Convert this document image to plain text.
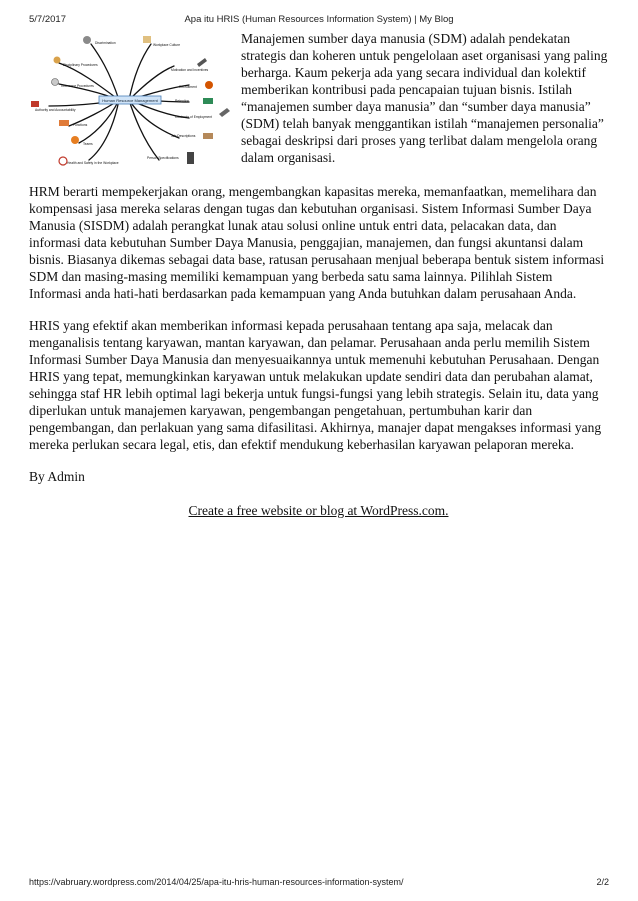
5/7/2017	Apa itu HRIS (Human Resources Information System) | My Blog
Human Resource Management
Discrimination
Disciplinary Procedures
Grievance Procedures
Authority and Accountability
Functions
Teams
Health and Safety in the Workplace
Workplace Culture
Motivation and Incentives
Recruitment
Retention
Contracts of Employment
Job Descriptions
Person Specifications

Manajemen sumber daya manusia (SDM) adalah pendekatan strategis dan koheren untuk pengelolaan aset organisasi yang paling berharga. Kaum pekerja ada yang secara individual dan kolektif memberikan kontribusi pada pencapaian tujuan bisnis. Istilah “manajemen sumber daya manusia” dan “sumber daya manusia” (SDM) telah banyak menggantikan istilah “manajemen personalia” sebagai deskripsi dari proses yang terlibat dalam mengelola orang dalam organisasi.

HRM berarti mempekerjakan orang, mengembangkan kapasitas mereka, memanfaatkan, memelihara dan kompensasi jasa mereka selaras dengan tugas dan kebutuhan organisasi. Sistem Informasi Sumber Daya Manusia (SISDM) adalah perangkat lunak atau solusi online untuk entri data, pelacakan data, dan informasi data kebutuhan Sumber Daya Manusia, penggajian, manajemen, dan fungsi akuntansi dalam bisnis. Biasanya dikemas sebagai data base, ratusan perusahaan menjual beberapa bentuk sistem informasi SDM dan masing-masing memiliki kemampuan yang berbeda satu sama lainnya. Pilihlah Sistem Informasi anda hati-hati berdasarkan pada kemampuan yang Anda butuhkan dalam perusahaan Anda.

HRIS yang efektif akan memberikan informasi kepada perusahaan tentang apa saja, melacak dan menganalisis tentang karyawan, mantan karyawan, dan pelamar. Perusahaan anda perlu memilih Sistem Informasi Sumber Daya Manusia dan menyesuaikannya untuk memenuhi kebutuhan Perusahaan. Dengan HRIS yang tepat, memungkinkan karyawan untuk melakukan update sendiri data dan perubahan alamat, sehingga staf HR lebih optimal lagi bekerja untuk fungsi-fungsi yang lebih strategis. Selain itu, data yang diperlukan untuk manajemen karyawan, pengembangan pengetahuan, pertumbuhan karir dan pengembangan, dan perlakuan yang sama difasilitasi. Akhirnya, manajer dapat mengakses informasi yang mereka perlukan secara legal, etis, dan efektif mendukung keberhasilan karyawan pelaporan mereka.

By Admin

Create a free website or blog at WordPress.com.
https://vabruary.wordpress.com/2014/04/25/apa-itu-hris-human-resources-information-system/	2/2
